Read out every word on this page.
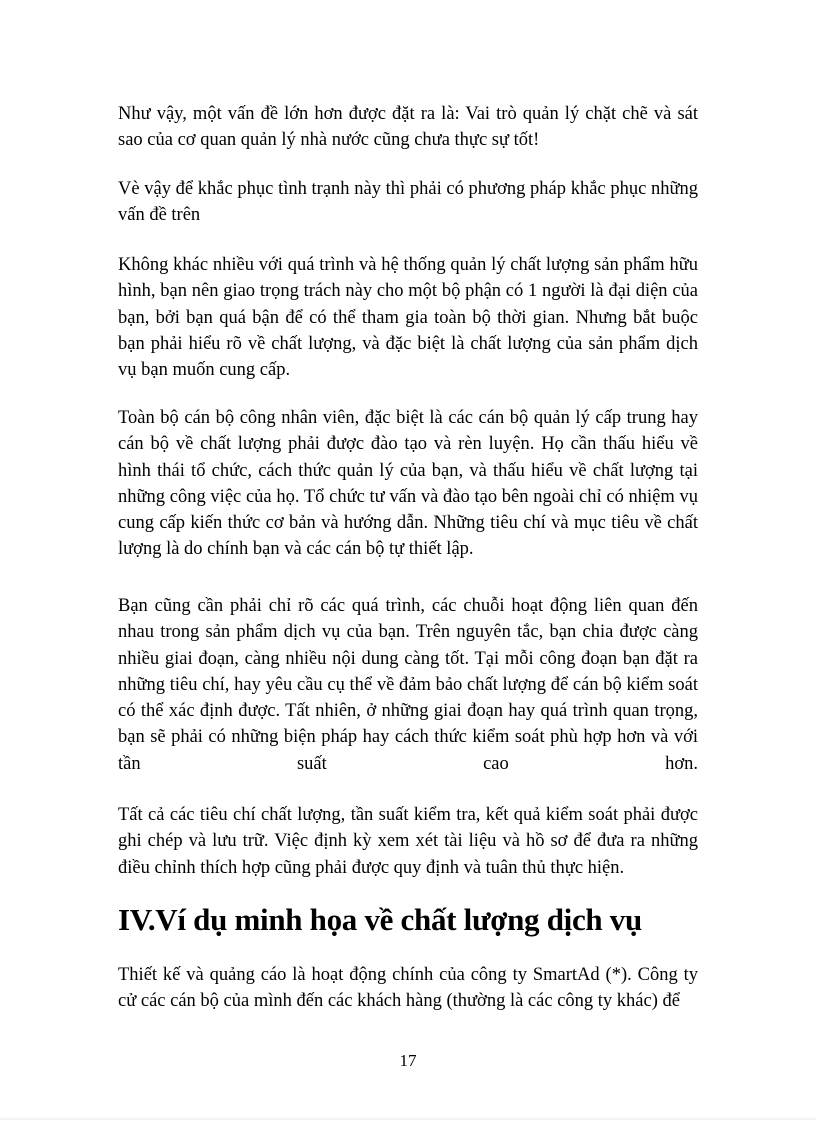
Như vậy, một vấn đề lớn hơn được đặt ra là: Vai trò quản lý chặt chẽ và sát sao của cơ quan quản lý nhà nước cũng chưa thực sự tốt!

Vè vậy để khắc phục tình trạnh này thì phải có phương pháp khắc phục những vấn đề trên

Không khác nhiều với quá trình và hệ thống quản lý chất lượng sản phẩm hữu hình, bạn nên giao trọng trách này cho một bộ phận có 1 người là đại diện của bạn, bởi bạn quá bận để có thể tham gia toàn bộ thời gian. Nhưng bắt buộc bạn phải hiểu rõ về chất lượng, và đặc biệt là chất lượng của sản phẩm dịch vụ bạn muốn cung cấp.

Toàn bộ cán bộ công nhân viên, đặc biệt là các cán bộ quản lý cấp trung hay cán bộ về chất lượng phải được đào tạo và rèn luyện. Họ cần thấu hiểu về hình thái tổ chức, cách thức quản lý của bạn, và thấu hiểu về chất lượng tại những công việc của họ. Tổ chức tư vấn và đào tạo bên ngoài chỉ có nhiệm vụ cung cấp kiến thức cơ bản và hướng dẫn. Những tiêu chí và mục tiêu về chất lượng là do chính bạn và các cán bộ tự thiết lập.

Bạn cũng cần phải chỉ rõ các quá trình, các chuỗi hoạt động liên quan đến nhau trong sản phẩm dịch vụ của bạn. Trên nguyên tắc, bạn chia được càng nhiều giai đoạn, càng nhiều nội dung càng tốt. Tại mỗi công đoạn bạn đặt ra những tiêu chí, hay yêu cầu cụ thể về đảm bảo chất lượng để cán bộ kiểm soát có thể xác định được. Tất nhiên, ở những giai đoạn hay quá trình quan trọng, bạn sẽ phải có những biện pháp hay cách thức kiểm soát phù hợp hơn và với tần suất cao hơn.

Tất cả các tiêu chí chất lượng, tần suất kiểm tra, kết quả kiểm soát phải được ghi chép và lưu trữ. Việc định kỳ xem xét tài liệu và hồ sơ để đưa ra những điều chỉnh thích hợp cũng phải được quy định và tuân thủ thực hiện.

IV.Ví dụ minh họa về chất lượng dịch vụ

Thiết kế và quảng cáo là hoạt động chính của công ty SmartAd (*). Công ty cử các cán bộ của mình đến các khách hàng (thường là các công ty khác) để

17
